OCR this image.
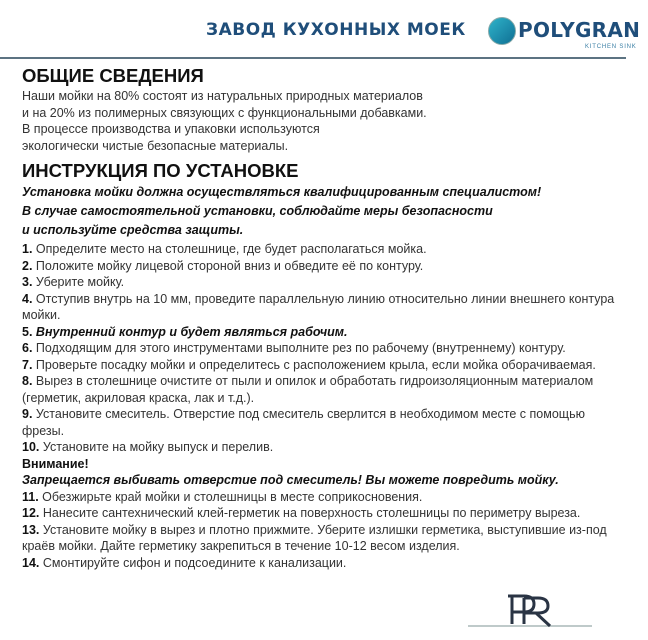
ЗАВОД КУХОННЫХ МОЕК	POLYGRAN
KITCHEN SINK
ОБЩИЕ СВЕДЕНИЯ
Наши мойки на 80% состоят из натуральных природных материалов
и на 20% из полимерных связующих с функциональными добавками.
В процессе производства и упаковки используются
экологически чистые безопасные материалы.
ИНСТРУКЦИЯ ПО УСТАНОВКЕ
Установка мойки должна осуществляться квалифицированным специалистом!
В случае самостоятельной установки, соблюдайте меры безопасности
и используйте средства защиты.
1. Определите место на столешнице, где будет располагаться мойка.
2. Положите мойку лицевой стороной вниз и обведите её по контуру.
3. Уберите мойку.
4. Отступив внутрь на 10 мм, проведите параллельную линию относительно линии внешнего контура мойки.
5. Внутренний контур и будет являться рабочим.
6. Подходящим для этого инструментами выполните рез по рабочему (внутреннему) контуру.
7. Проверьте посадку мойки и определитесь с расположением крыла, если мойка оборачиваемая.
8. Вырез в столешнице очистите от пыли и опилок и обработать гидроизоляционным материалом (герметик, акриловая краска, лак и т.д.).
9. Установите смеситель. Отверстие под смеситель сверлится в необходимом месте с помощью фрезы.
10. Установите на мойку выпуск и перелив.
Внимание!
Запрещается выбивать отверстие под смеситель! Вы можете повредить мойку.
11. Обезжирьте край мойки и столешницы в месте соприкосновения.
12. Нанесите сантехнический клей-герметик на поверхность столешницы по периметру выреза.
13. Установите мойку в вырез и плотно прижмите. Уберите излишки герметика, выступившие из-под краёв мойки. Дайте герметику закрепиться в течение 10-12 весом изделия.
14. Смонтируйте сифон и подсоедините к канализации.
